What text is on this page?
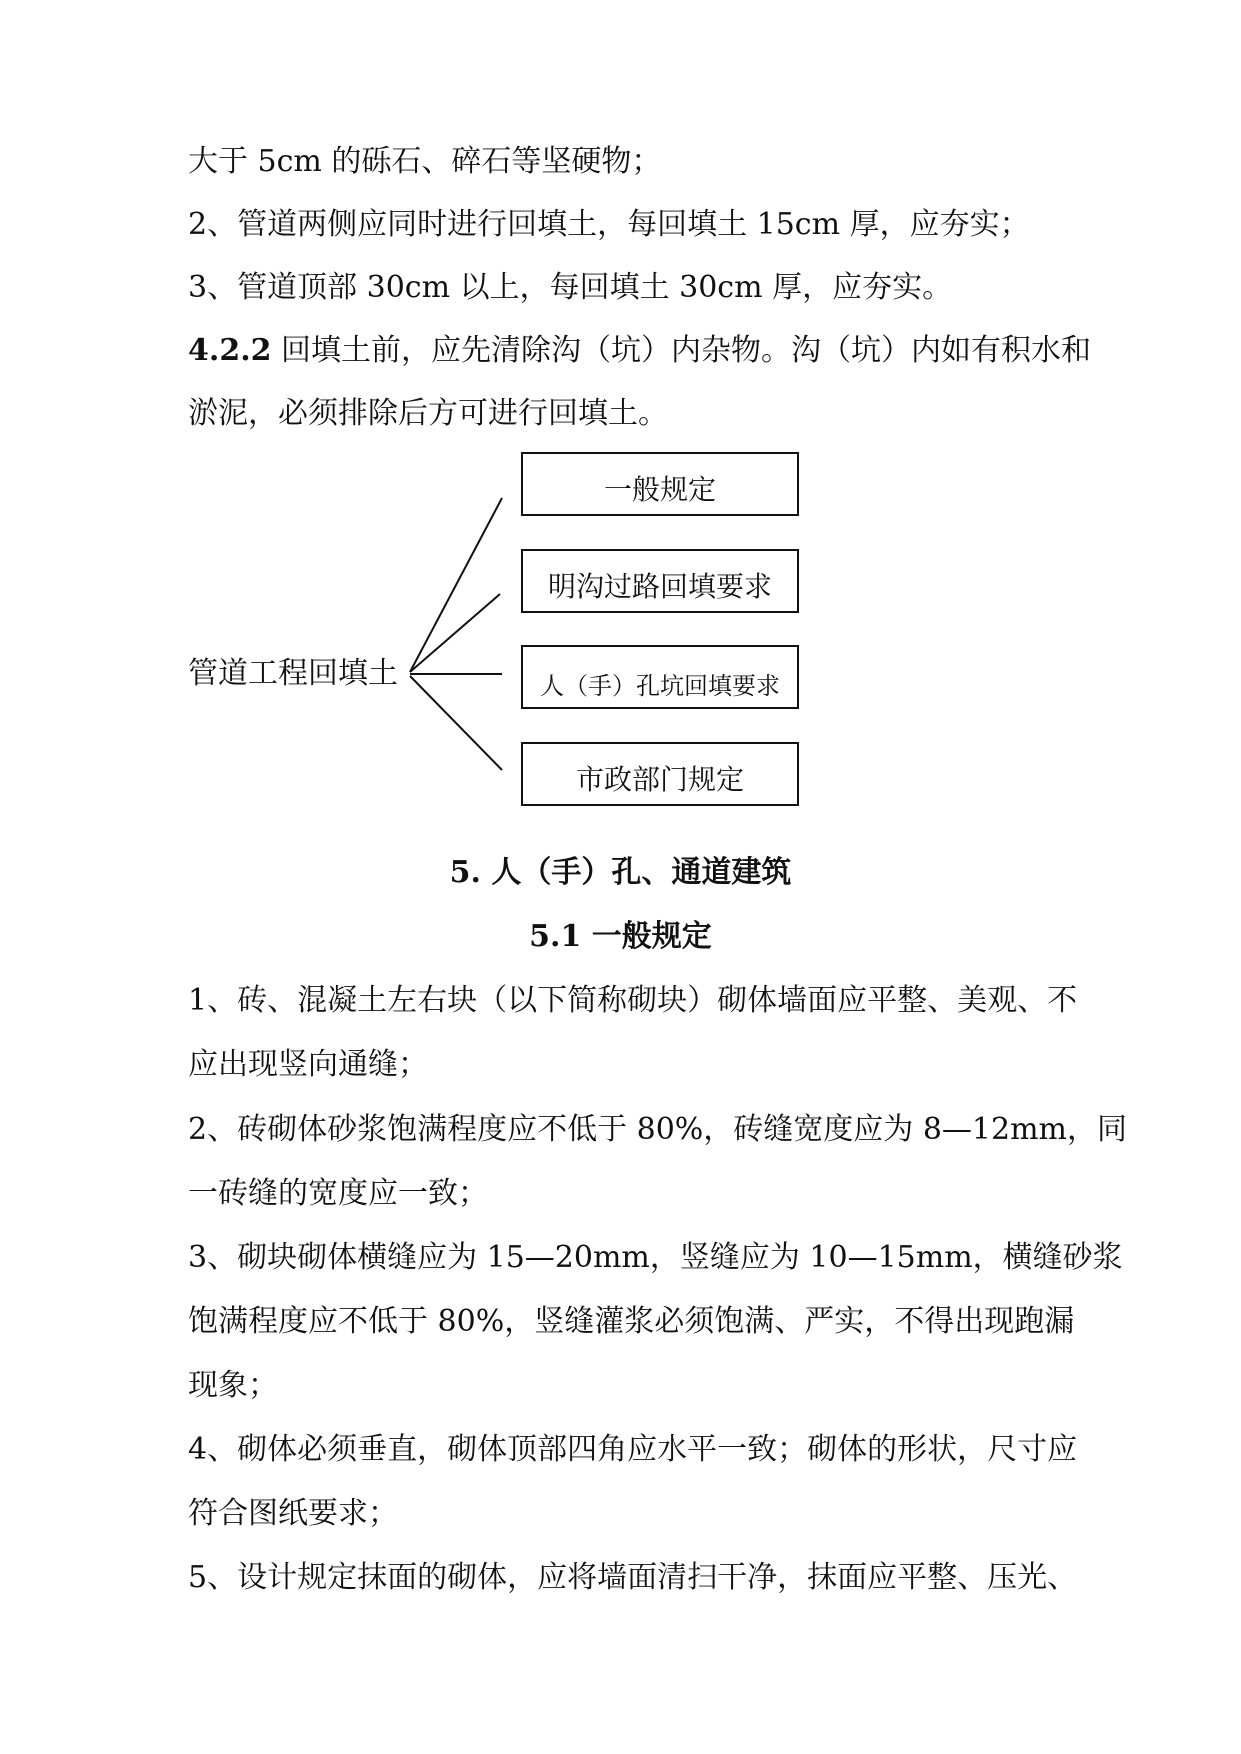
大于 5cm 的砾石、碎石等坚硬物；
2、管道两侧应同时进行回填土，每回填土 15cm 厚，应夯实；
3、管道顶部 30cm 以上，每回填土 30cm 厚，应夯实。
4.2.2 回填土前，应先清除沟（坑）内杂物。沟（坑）内如有积水和
淤泥，必须排除后方可进行回填土。
管道工程回填土
一般规定
明沟过路回填要求
人（手）孔坑回填要求
市政部门规定
5. 人（手）孔、通道建筑
5.1 一般规定
1、砖、混凝土左右块（以下简称砌块）砌体墙面应平整、美观、不
应出现竖向通缝；
2、砖砌体砂浆饱满程度应不低于 80%，砖缝宽度应为 8—12mm，同
一砖缝的宽度应一致；
3、砌块砌体横缝应为 15—20mm，竖缝应为 10—15mm，横缝砂浆
饱满程度应不低于 80%，竖缝灌浆必须饱满、严实，不得出现跑漏
现象；
4、砌体必须垂直，砌体顶部四角应水平一致；砌体的形状，尺寸应
符合图纸要求；
5、设计规定抹面的砌体，应将墙面清扫干净，抹面应平整、压光、
